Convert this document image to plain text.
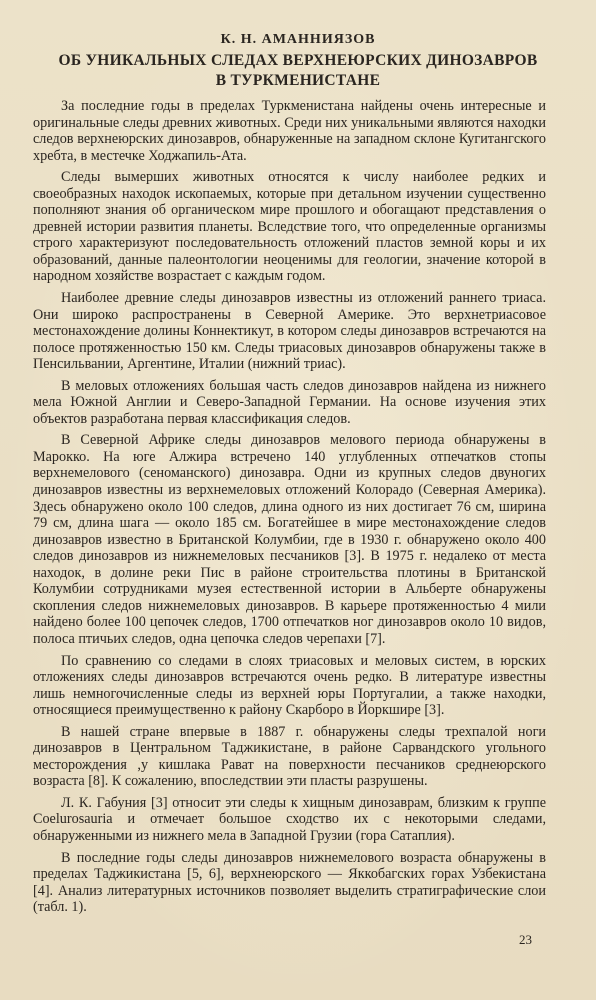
К. Н. АМАННИЯЗОВ
ОБ УНИКАЛЬНЫХ СЛЕДАХ ВЕРХНЕЮРСКИХ ДИНОЗАВРОВ
В ТУРКМЕНИСТАНЕ

За последние годы в пределах Туркменистана найдены очень интересные и оригинальные следы древних животных. Среди них уникальными являются находки следов верхнеюрских динозавров, обнаруженные на западном склоне Кугитангского хребта, в местечке Ходжапиль-Ата.

Следы вымерших животных относятся к числу наиболее редких и своеобразных находок ископаемых, которые при детальном изучении существенно пополняют знания об органическом мире прошлого и обогащают представления о древней истории развития планеты. Вследствие того, что определенные организмы строго характеризуют последовательность отложений пластов земной коры и их образований, данные палеонтологии неоценимы для геологии, значение которой в народном хозяйстве возрастает с каждым годом.

Наиболее древние следы динозавров известны из отложений раннего триаса. Они широко распространены в Северной Америке. Это верхнетриасовое местонахождение долины Коннектикут, в котором следы динозавров встречаются на полосе протяженностью 150 км. Следы триасовых динозавров обнаружены также в Пенсильвании, Аргентине, Италии (нижний триас).

В меловых отложениях большая часть следов динозавров найдена из нижнего мела Южной Англии и Северо-Западной Германии. На основе изучения этих объектов разработана первая классификация следов.

В Северной Африке следы динозавров мелового периода обнаружены в Марокко. На юге Алжира встречено 140 углубленных отпечатков стопы верхнемелового (сеноманского) динозавра. Одни из крупных следов двуногих динозавров известны из верхнемеловых отложений Колорадо (Северная Америка). Здесь обнаружено около 100 следов, длина одного из них достигает 76 см, ширина 79 см, длина шага — около 185 см. Богатейшее в мире местонахождение следов динозавров известно в Британской Колумбии, где в 1930 г. обнаружено около 400 следов динозавров из нижнемеловых песчаников [3]. В 1975 г. недалеко от места находок, в долине реки Пис в районе строительства плотины в Британской Колумбии сотрудниками музея естественной истории в Альберте обнаружены скопления следов нижнемеловых динозавров. В карьере протяженностью 4 мили найдено более 100 цепочек следов, 1700 отпечатков ног динозавров около 10 видов, полоса птичьих следов, одна цепочка следов черепахи [7].

По сравнению со следами в слоях триасовых и меловых систем, в юрских отложениях следы динозавров встречаются очень редко. В литературе известны лишь немногочисленные следы из верхней юры Португалии, а также находки, относящиеся преимущественно к району Скарборо в Йоркшире [3].

В нашей стране впервые в 1887 г. обнаружены следы трехпалой ноги динозавров в Центральном Таджикистане, в районе Сарвандского угольного месторождения ,у кишлака Рават на поверхности песчаников среднеюрского возраста [8]. К сожалению, впоследствии эти пласты разрушены.

Л. К. Габуния [3] относит эти следы к хищным динозаврам, близким к группе Coelurosauria и отмечает большое сходство их с некоторыми следами, обнаруженными из нижнего мела в Западной Грузии (гора Сатаплия).

В последние годы следы динозавров нижнемелового возраста обнаружены в пределах Таджикистана [5, 6], верхнеюрского — Яккобагских горах Узбекистана [4]. Анализ литературных источников позволяет выделить стратиграфические слои (табл. 1).

23
